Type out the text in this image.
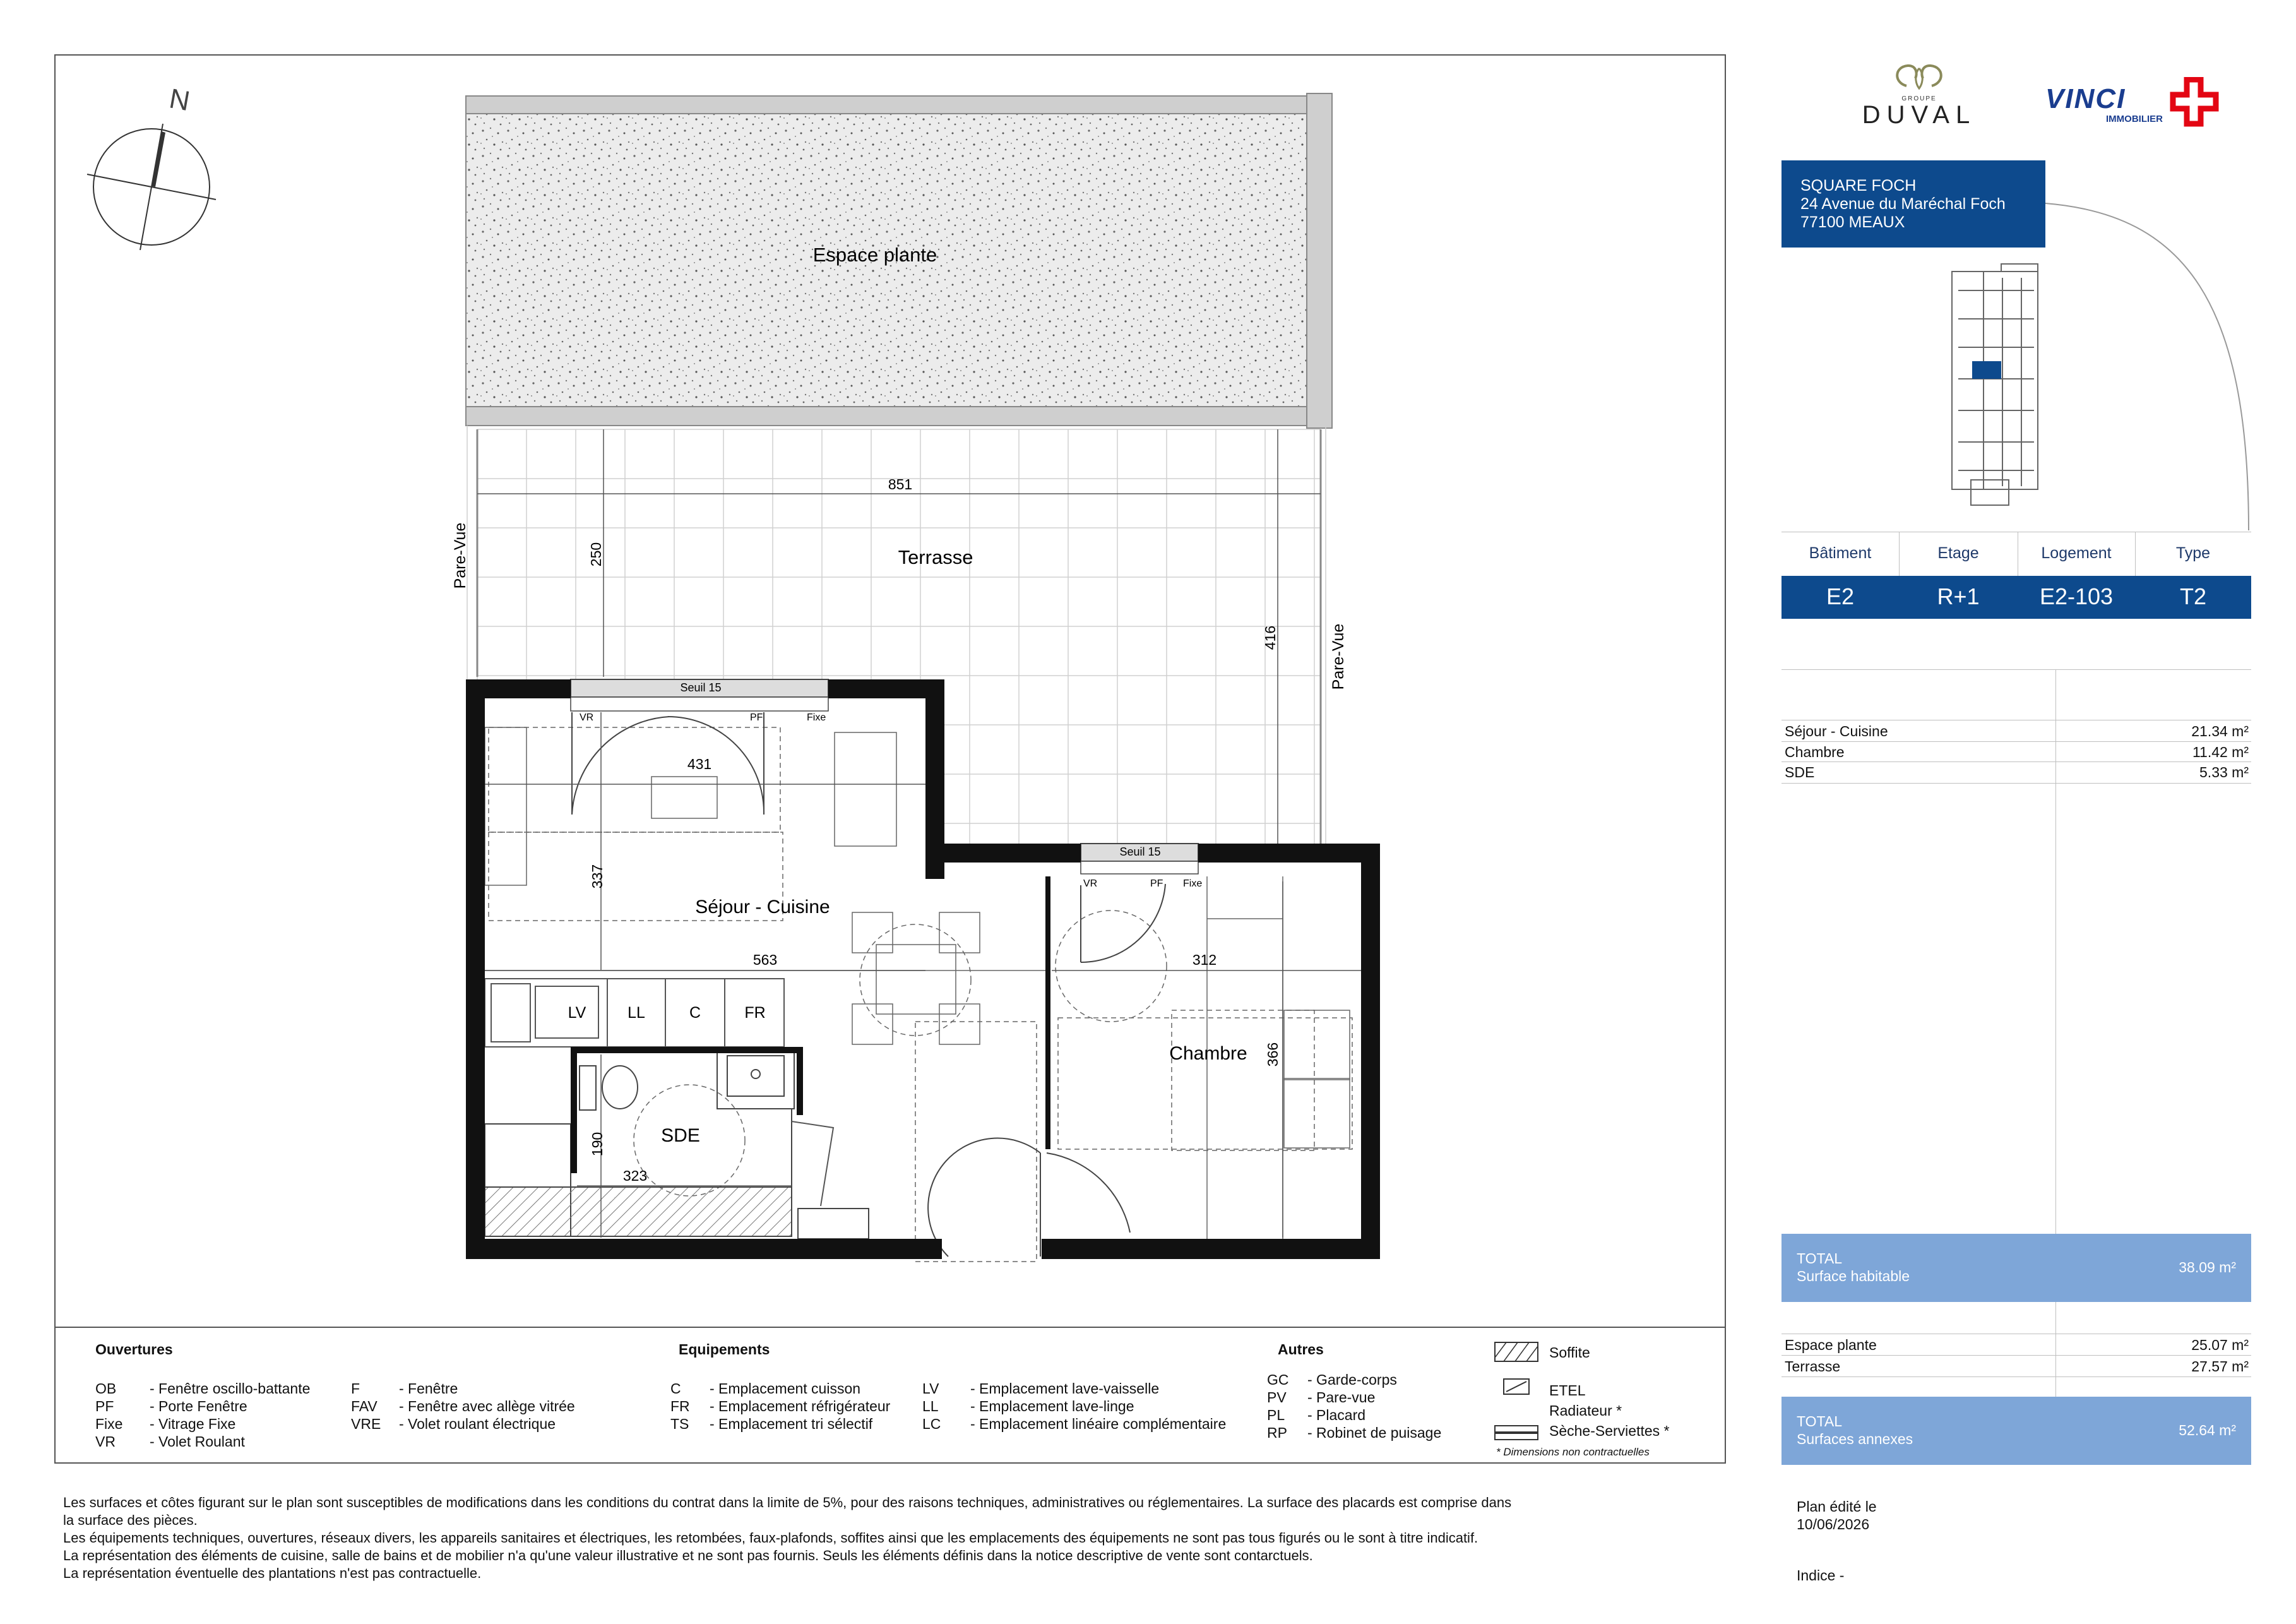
N
Espace plante
Pare-Vue
Pare-Vue
Terrasse
851
250
416
LV	LL	C	FR
SDE
Seuil 15
Seuil 15
VR	PF	Fixe
VR	PF Fixe
431
337
563	312
366
190
323
Séjour - Cuisine
Chambre
Ouvertures
OB - Fenêtre oscillo-battante
PF - Porte Fenêtre
Fixe - Vitrage Fixe
VR - Volet Roulant
F	- Fenêtre
FAV - Fenêtre avec allège vitrée
VRE - Volet roulant électrique
Equipements
C - Emplacement cuisson
FR - Emplacement réfrigérateur
TS - Emplacement tri sélectif
LV - Emplacement lave-vaisselle
LL - Emplacement lave-linge
LC - Emplacement linéaire complémentaire
Autres
GC - Garde-corps
PV - Pare-vue
PL - Placard
RP - Robinet de puisage
Soffite
ETEL
Radiateur *
Sèche-Serviettes *
* Dimensions non contractuelles

Les surfaces et côtes figurant sur le plan sont susceptibles de modifications dans les conditions du contrat dans la limite de 5%, pour des raisons techniques, administratives ou réglementaires. La surface des placards est comprise dans

la surface des pièces.

Les équipements techniques, ouvertures, réseaux divers, les appareils sanitaires et électriques, les retombées, faux-plafonds, soffites ainsi que les emplacements des équipements ne sont pas tous figurés ou le sont à titre indicatif.

La représentation des éléments de cuisine, salle de bains et de mobilier n'a qu'une valeur illustrative et ne sont pas fournis. Seuls les éléments définis dans la notice descriptive de vente sont contarctuels.

La représentation éventuelle des plantations n'est pas contractuelle.

GROUPE
DUVAL
VINCI
IMMOBILIER
SQUARE FOCH
24 Avenue du Maréchal Foch
77100 MEAUX
Bâtiment	Etage	Logement	Type
E2	R+1	E2-103	T2
Séjour - Cuisine	21.34 m²
Chambre	11.42 m²
SDE	5.33 m²
TOTAL
Surface habitable
38.09 m²
Espace plante	25.07 m²
Terrasse	27.57 m²
TOTAL
Surfaces annexes
52.64 m²
Plan édité le
10/06/2026
Indice -
